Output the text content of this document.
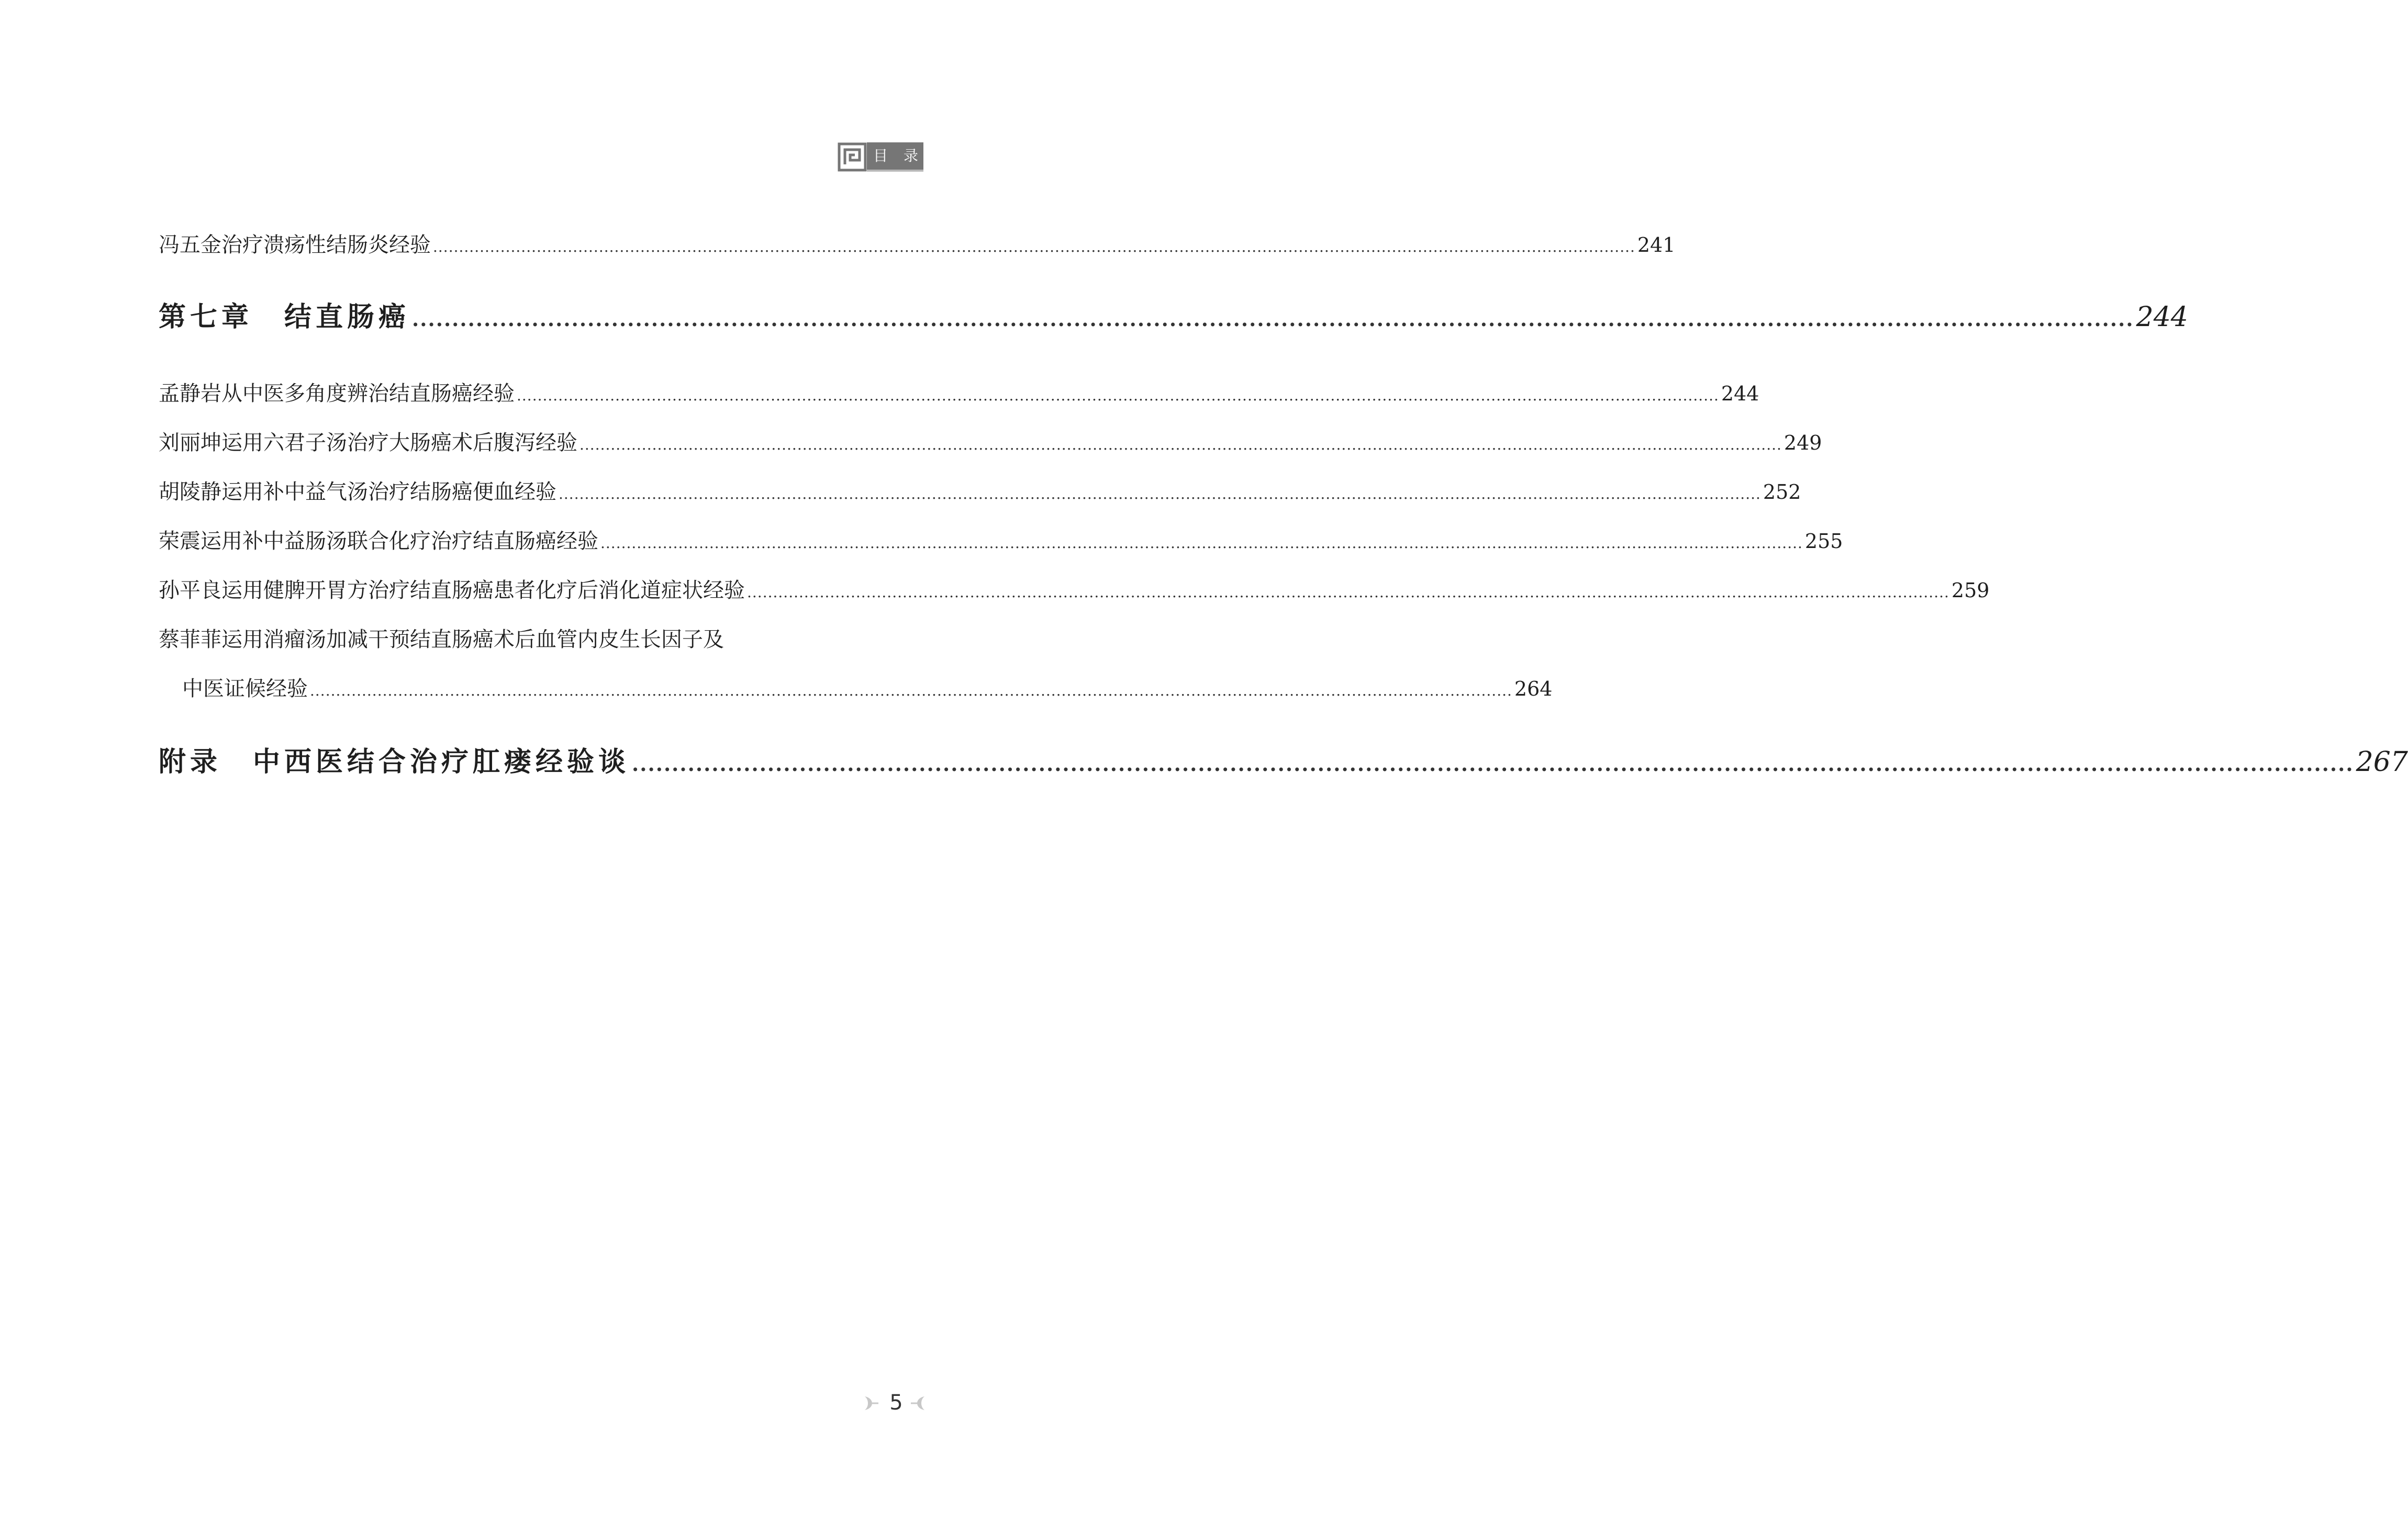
目 录
冯五金治疗溃疡性结肠炎经验 ........................................................................................................................................................................................................................................ 241
第七章 结直肠癌 ........................................................................................................................................................................................................................ 244
孟静岩从中医多角度辨治结直肠癌经验 ........................................................................................................................................................................................................................................ 244
刘丽坤运用六君子汤治疗大肠癌术后腹泻经验 ........................................................................................................................................................................................................................................ 249
胡陵静运用补中益气汤治疗结肠癌便血经验 ........................................................................................................................................................................................................................................ 252
荣震运用补中益肠汤联合化疗治疗结直肠癌经验 ........................................................................................................................................................................................................................................ 255
孙平良运用健脾开胃方治疗结直肠癌患者化疗后消化道症状经验 ........................................................................................................................................................................................................................................ 259
蔡菲菲运用消瘤汤加减干预结直肠癌术后血管内皮生长因子及
中医证候经验 ........................................................................................................................................................................................................................................ 264
附录 中西医结合治疗肛瘘经验谈 ........................................................................................................................................................................................................................ 267
5
